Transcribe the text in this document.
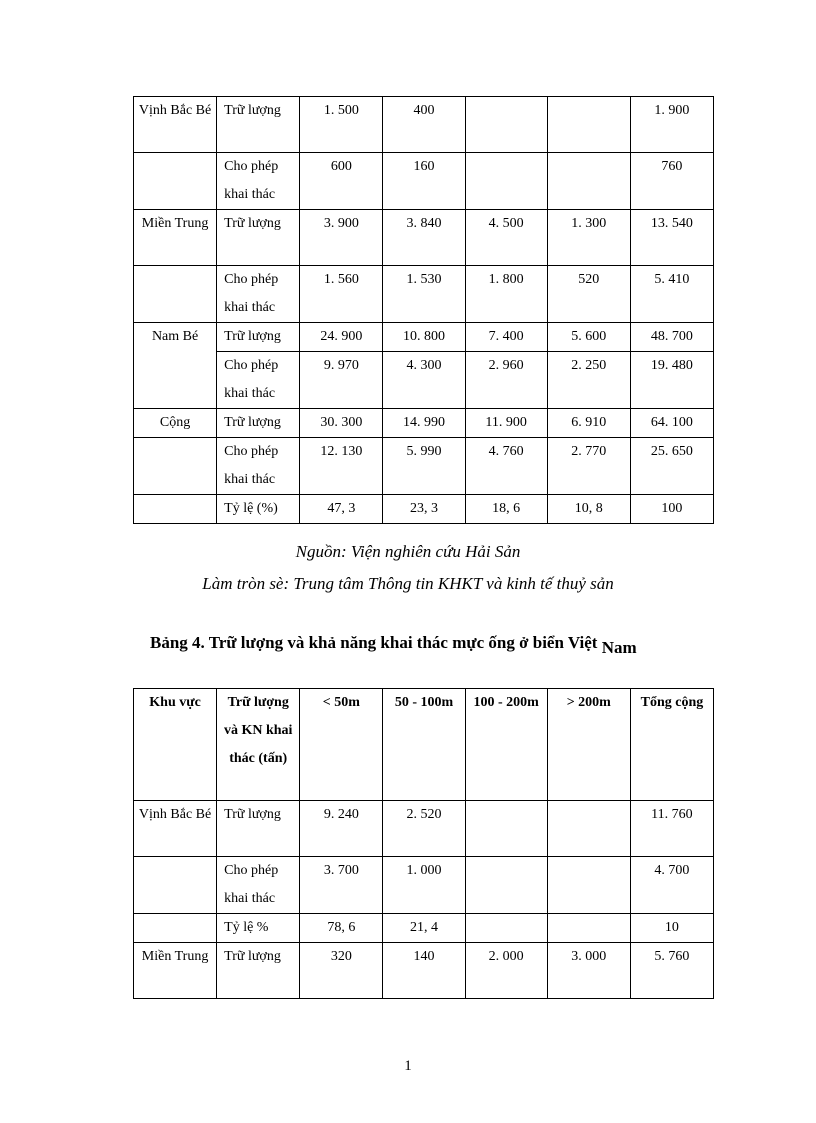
Vịnh Bắc Bé	Trữ lượng	1. 500	400			1. 900
	Cho phép khai thác	600	160			760
Miền Trung	Trữ lượng	3. 900	3. 840	4. 500	1. 300	13. 540
	Cho phép khai thác	1. 560	1. 530	1. 800	520	5. 410
Nam Bé	Trữ lượng	24. 900	10. 800	7. 400	5. 600	48. 700
	Cho phép khai thác	9. 970	4. 300	2. 960	2. 250	19. 480
Cộng	Trữ lượng	30. 300	14. 990	11. 900	6. 910	64. 100
	Cho phép khai thác	12. 130	5. 990	4. 760	2. 770	25. 650
	Tỷ lệ (%)	47, 3	23, 3	18, 6	10, 8	100
Nguồn: Viện nghiên cứu Hải Sản
Làm tròn sè: Trung tâm Thông tin KHKT và kinh tế thuỷ sản
Bảng 4. Trữ lượng và khả năng khai thác mực ống ở biển Việt Nam
Khu vực	Trữ lượng và KN khai thác (tấn)	< 50m	50 - 100m	100 - 200m	> 200m	Tổng cộng
Vịnh Bắc Bé	Trữ lượng	9. 240	2. 520			11. 760
	Cho phép khai thác	3. 700	1. 000			4. 700
	Tỷ lệ %	78, 6	21, 4			10
Miền Trung	Trữ lượng	320	140	2. 000	3. 000	5. 760
1
